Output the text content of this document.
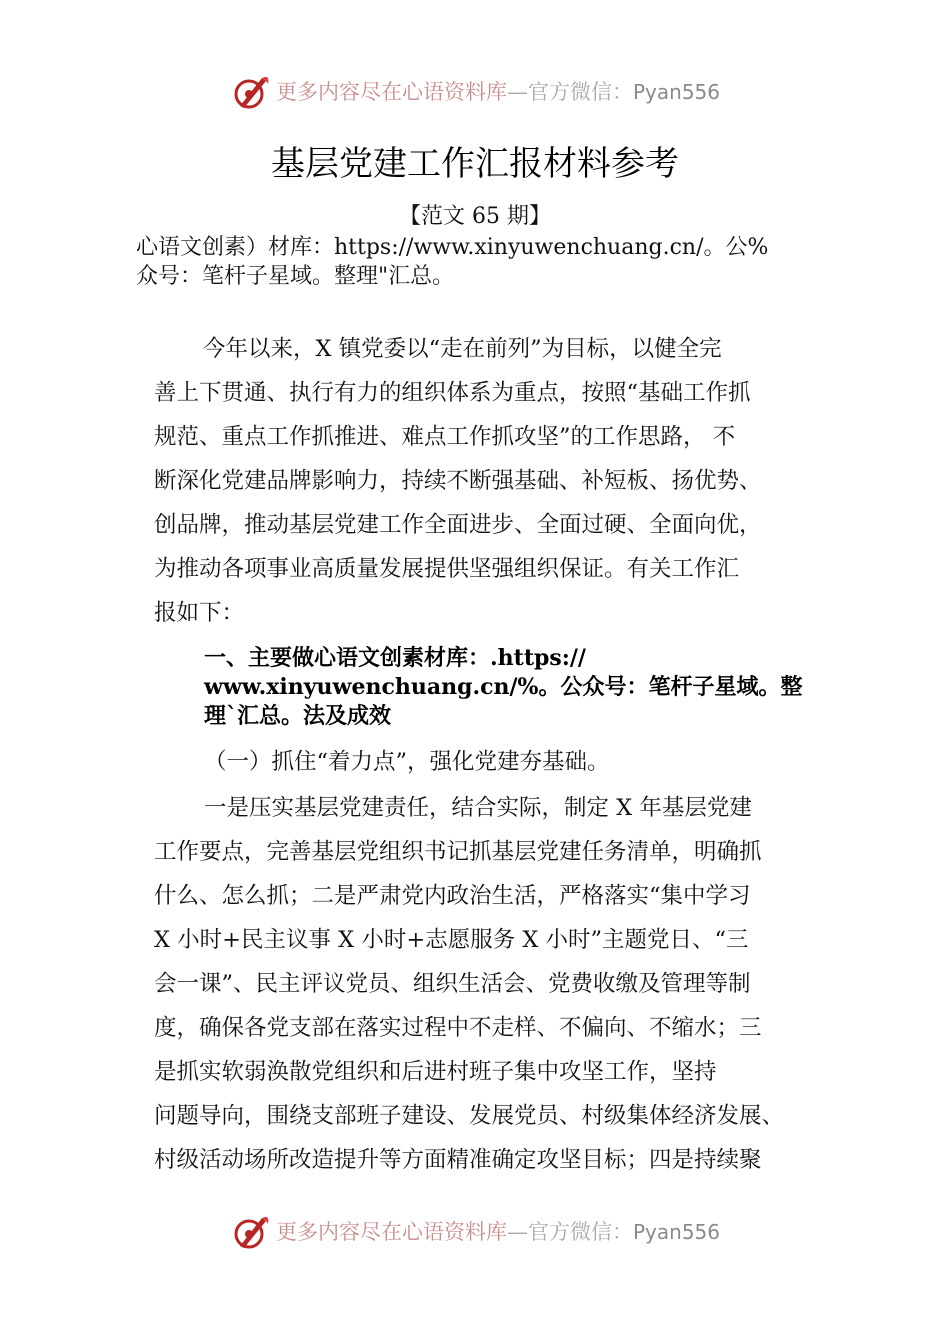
更多内容尽在心语资料库—官方微信：Pyan556
基层党建工作汇报材料参考
【范文 65 期】
心语文创素）材库：https://www.xinyuwenchuang.cn/。公%
众号：笔杆子星域。整理"汇总。
今年以来，X 镇党委以“走在前列”为目标，以健全完
善上下贯通、执行有力的组织体系为重点，按照“基础工作抓
规范、重点工作抓推进、难点工作抓攻坚”的工作思路， 不
断深化党建品牌影响力，持续不断强基础、补短板、扬优势、
创品牌，推动基层党建工作全面进步、全面过硬、全面向优，
为推动各项事业高质量发展提供坚强组织保证。有关工作汇
报如下：
一、主要做心语文创素材库：.https://
www.xinyuwenchuang.cn/%。公众号：笔杆子星域。整
理`汇总。法及成效
（一）抓住“着力点”，强化党建夯基础。
一是压实基层党建责任，结合实际，制定 X 年基层党建
工作要点，完善基层党组织书记抓基层党建任务清单，明确抓
什么、怎么抓；二是严肃党内政治生活，严格落实“集中学习
X 小时+民主议事 X 小时+志愿服务 X 小时”主题党日、“三
会一课”、民主评议党员、组织生活会、党费收缴及管理等制
度，确保各党支部在落实过程中不走样、不偏向、不缩水；三
是抓实软弱涣散党组织和后进村班子集中攻坚工作，坚持
问题导向，围绕支部班子建设、发展党员、村级集体经济发展、
村级活动场所改造提升等方面精准确定攻坚目标；四是持续聚
更多内容尽在心语资料库—官方微信：Pyan556
